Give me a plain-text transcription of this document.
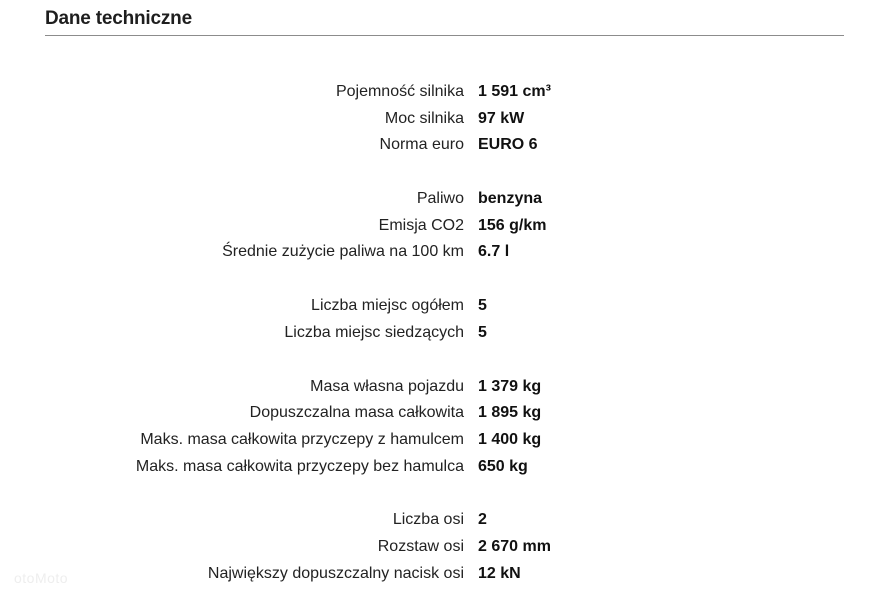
Dane techniczne
Pojemność silnika 1 591 cm³
Moc silnika 97 kW
Norma euro EURO 6
Paliwo benzyna
Emisja CO2 156 g/km
Średnie zużycie paliwa na 100 km 6.7 l
Liczba miejsc ogółem 5
Liczba miejsc siedzących 5
Masa własna pojazdu 1 379 kg
Dopuszczalna masa całkowita 1 895 kg
Maks. masa całkowita przyczepy z hamulcem 1 400 kg
Maks. masa całkowita przyczepy bez hamulca 650 kg
Liczba osi 2
Rozstaw osi 2 670 mm
Największy dopuszczalny nacisk osi 12 kN
otoMoto
